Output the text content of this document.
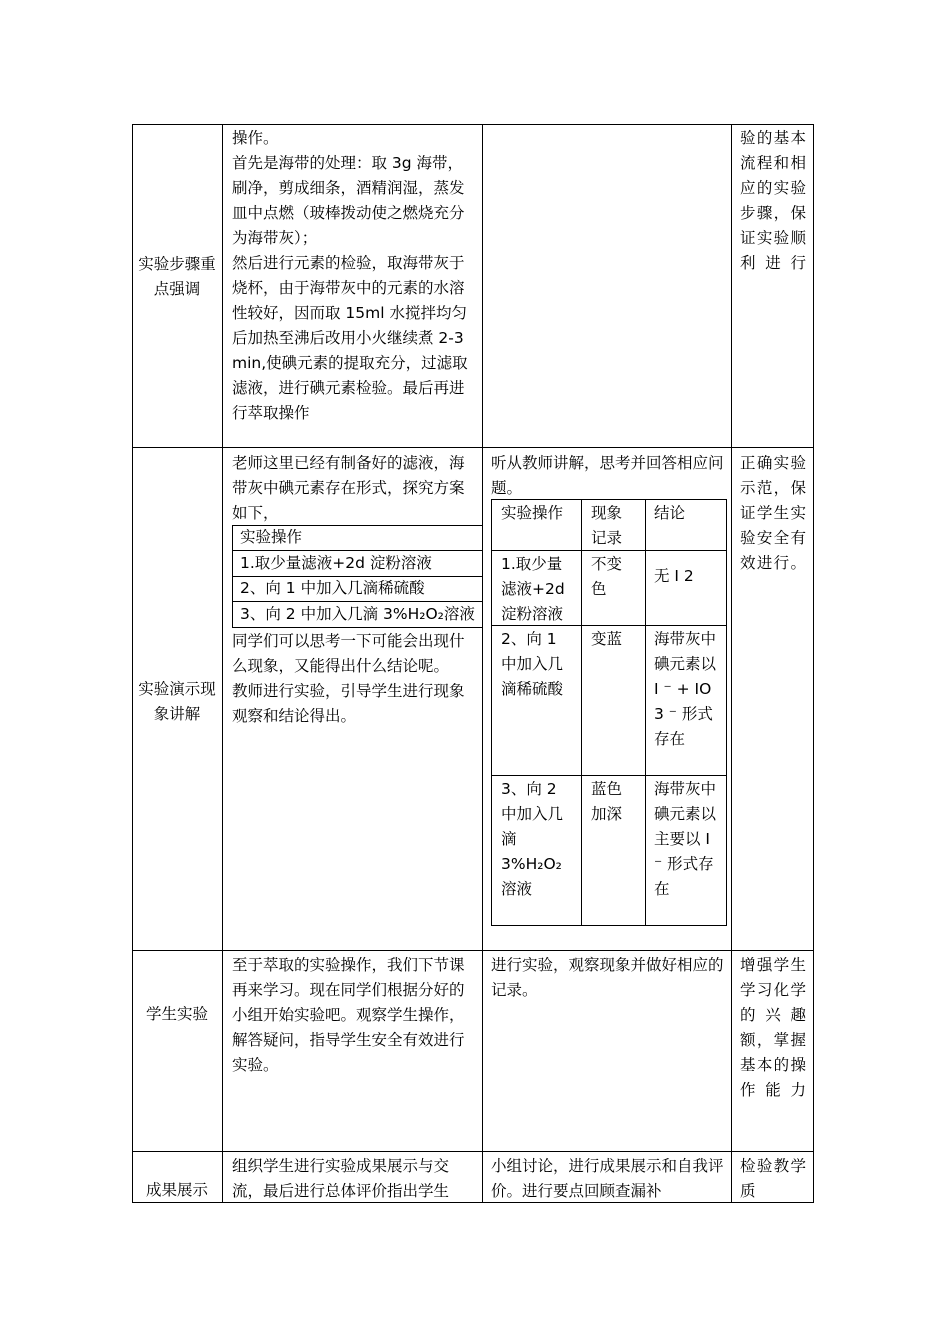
实验步骤重点强调

操作。

首先是海带的处理：取 3g 海带，刷净，剪成细条，酒精润湿，蒸发皿中点燃（玻棒拨动使之燃烧充分为海带灰）；

然后进行元素的检验，取海带灰于烧杯，由于海带灰中的元素的水溶性较好，因而取 15ml 水搅拌均匀后加热至沸后改用小火继续煮 2-3min,使碘元素的提取充分，过滤取滤液，进行碘元素检验。最后再进行萃取操作

验的基本流程和相应的实验步骤，保证实验顺利进行
实验演示现象讲解
老师这里已经有制备好的滤液，海带灰中碘元素存在形式，探究方案如下，
实验操作
1.取少量滤液+2d 淀粉溶液
2、向 1 中加入几滴稀硫酸
3、向 2 中加入几滴 3%H₂O₂溶液

同学们可以思考一下可能会出现什么现象，又能得出什么结论呢。

教师进行实验，引导学生进行现象观察和结论得出。

听从教师讲解，思考并回答相应问题。
实验操作	现象记录
结论
1.取少量滤液+2d 淀粉溶液
不变色
无 I 2
2、向 1 中加入几滴稀硫酸
变蓝	海带灰中碘元素以 I ⁻ + IO 3 ⁻ 形式存在
3、向 2 中加入几滴 3%H₂O₂ 溶液
蓝色加深
海带灰中碘元素以主要以 I ⁻ 形式存在
正确实验示范，保证学生实验安全有效进行。
学生实验
至于萃取的实验操作，我们下节课再来学习。现在同学们根据分好的小组开始实验吧。观察学生操作，解答疑问，指导学生安全有效进行实验。
进行实验，观察现象并做好相应的记录。
增强学生学习化学的兴趣额，掌握基本的操作能力
成果展示
组织学生进行实验成果展示与交流，最后进行总体评价指出学生
小组讨论，进行成果展示和自我评价。进行要点回顾查漏补
检验教学质
